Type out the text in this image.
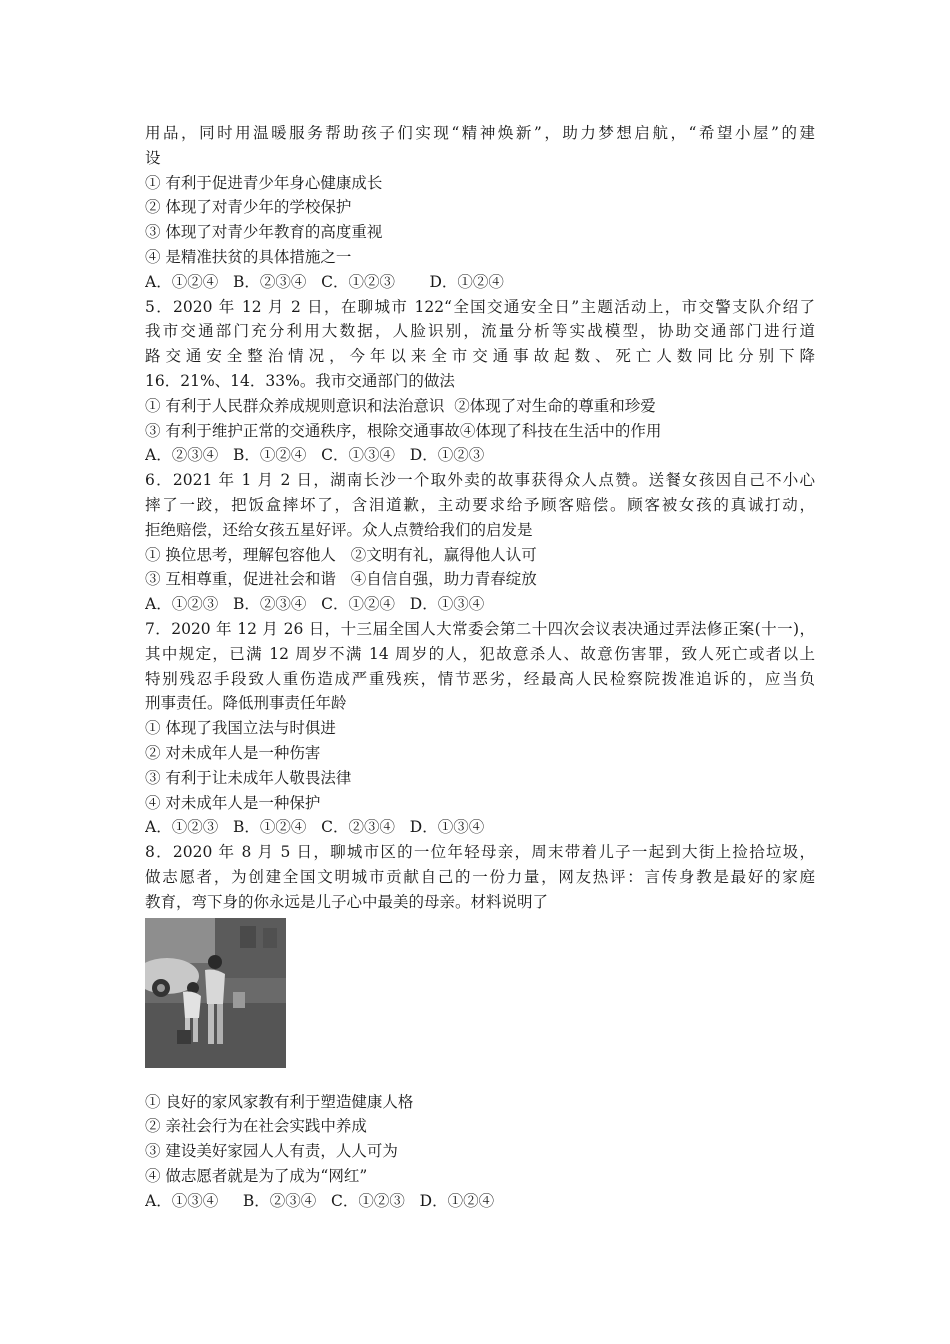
用品，同时用温暖服务帮助孩子们实现“精神焕新”，助力梦想启航，“希望小屋”的建
设
① 有利于促进青少年身心健康成长
② 体现了对青少年的学校保护
③ 体现了对青少年教育的高度重视
④ 是精准扶贫的具体措施之一
A．①②④   B．②③④   C．①②③       D．①②④
5．2020 年 12 月 2 日，在聊城市 122“全国交通安全日”主题活动上，市交警支队介绍了
我市交通部门充分利用大数据，人脸识别，流量分析等实战模型，协助交通部门进行道
路交通安全整治情况，今年以来全市交通事故起数、死亡人数同比分别下降
16．21%、14．33%。我市交通部门的做法
① 有利于人民群众养成规则意识和法治意识  ②体现了对生命的尊重和珍爱
③ 有利于维护正常的交通秩序，根除交通事故④体现了科技在生活中的作用
A．②③④   B．①②④   C．①③④   D．①②③
6．2021 年 1 月 2 日，湖南长沙一个取外卖的故事获得众人点赞。送餐女孩因自己不小心
摔了一跤，把饭盒摔坏了，含泪道歉，主动要求给予顾客赔偿。顾客被女孩的真诚打动，
拒绝赔偿，还给女孩五星好评。众人点赞给我们的启发是
① 换位思考，理解包容他人   ②文明有礼，赢得他人认可
③ 互相尊重，促进社会和谐   ④自信自强，助力青春绽放
A．①②③   B．②③④   C．①②④   D．①③④
7．2020 年 12 月 26 日，十三届全国人大常委会第二十四次会议表决通过弄法修正案(十一)，
其中规定，已满 12 周岁不满 14 周岁的人，犯故意杀人、故意伤害罪，致人死亡或者以上
特别残忍手段致人重伤造成严重残疾，情节恶劣，经最高人民检察院拨准追诉的，应当负
刑事责任。降低刑事责任年龄
① 体现了我国立法与时俱进
② 对未成年人是一种伤害
③ 有利于让未成年人敬畏法律
④ 对未成年人是一种保护
A．①②③   B．①②④   C．②③④   D．①③④
8．2020 年 8 月 5 日，聊城市区的一位年轻母亲，周末带着儿子一起到大街上捡拾垃圾，
做志愿者，为创建全国文明城市贡献自己的一份力量，网友热评：言传身教是最好的家庭
教育，弯下身的你永远是儿子心中最美的母亲。材料说明了
① 良好的家风家教有利于塑造健康人格
② 亲社会行为在社会实践中养成
③ 建设美好家园人人有责，人人可为
④ 做志愿者就是为了成为“网红”
A．①③④     B．②③④   C．①②③   D．①②④
